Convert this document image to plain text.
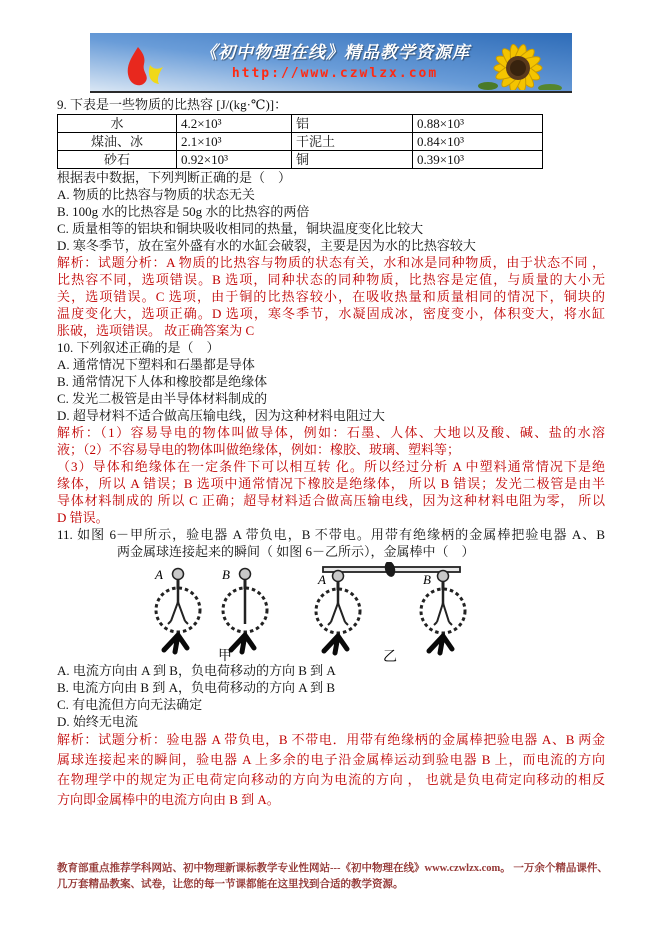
《初中物理在线》精品教学资源库
http://www.czwlzx.com
9. 下表是一些物质的比热容 [J/(kg·℃)]：
水	4.2×10³	铝	0.88×10³
煤油、冰	2.1×10³	干泥土	0.84×10³
砂石	0.92×10³	铜	0.39×10³
根据表中数据，下列判断正确的是（　）
A. 物质的比热容与物质的状态无关
B. 100g 水的比热容是 50g 水的比热容的两倍
C. 质量相等的铝块和铜块吸收相同的热量，铜块温度变化比较大
D. 寒冬季节，放在室外盛有水的水缸会破裂，主要是因为水的比热容较大
解析：试题分析：A 物质的比热容与物质的状态有关，水和冰是同种物质，由于状态不同 ，
比热容不同，选项错误。B 选项，同种状态的同种物质，比热容是定值，与质量的大小无
关，选项错误。C 选项，由于铜的比热容较小，在吸收热量和质量相同的情况下，铜块的
温度变化大，选项正确。D 选项，寒冬季节，水凝固成冰，密度变小，体积变大，将水缸
胀破，选项错误。 故正确答案为 C
10. 下列叙述正确的是（　）
A. 通常情况下塑料和石墨都是导体
B. 通常情况下人体和橡胶都是绝缘体
C. 发光二极管是由半导体材料制成的
D. 超导材料不适合做高压输电线，因为这种材料电阻过大
解析：（1）容易导电的物体叫做导体，例如：石墨、人体、大地以及酸、碱、盐的水溶
液；（2）不容易导电的物体叫做绝缘体，例如：橡胶、玻璃、塑料等；
（3）导体和绝缘体在一定条件下可以相互转 化。所以经过分析 A 中塑料通常情况下是绝
缘体，所以 A 错误；B 选项中通常情况下橡胶是绝缘体， 所以 B 错误；发光二极管是由半
导体材料制成的 所以 C 正确；超导材料适合做高压输电线，因为这种材料电阻为零， 所以
D 错误。
11. 如图 6－甲所示，验电器 A 带负电，B 不带电。用带有绝缘柄的金属棒把验电器 A、B
两金属球连接起来的瞬间（ 如图 6－乙所示），金属棒中（　）
A	B	A	B
甲	乙
A. 电流方向由 A 到 B，负电荷移动的方向 B 到 A
B. 电流方向由 B 到 A，负电荷移动的方向 A 到 B
C. 有电流但方向无法确定
D. 始终无电流
解析：试题分析：验电器 A 带负电，B 不带电．用带有绝缘柄的金属棒把验电器 A、B 两金
属球连接起来的瞬间，验电器 A 上多余的电子沿金属棒运动到验电器 B 上，而电流的方向
在物理学中的规定为正电荷定向移动的方向为电流的方向 ， 也就是负电荷定向移动的相反
方向即金属棒中的电流方向由 B 到 A。
教育部重点推荐学科网站、初中物理新课标教学专业性网站---《初中物理在线》www.czwlzx.com。 一万余个精品课件、
几万套精品教案、试卷，让您的每一节课都能在这里找到合适的教学资源。
